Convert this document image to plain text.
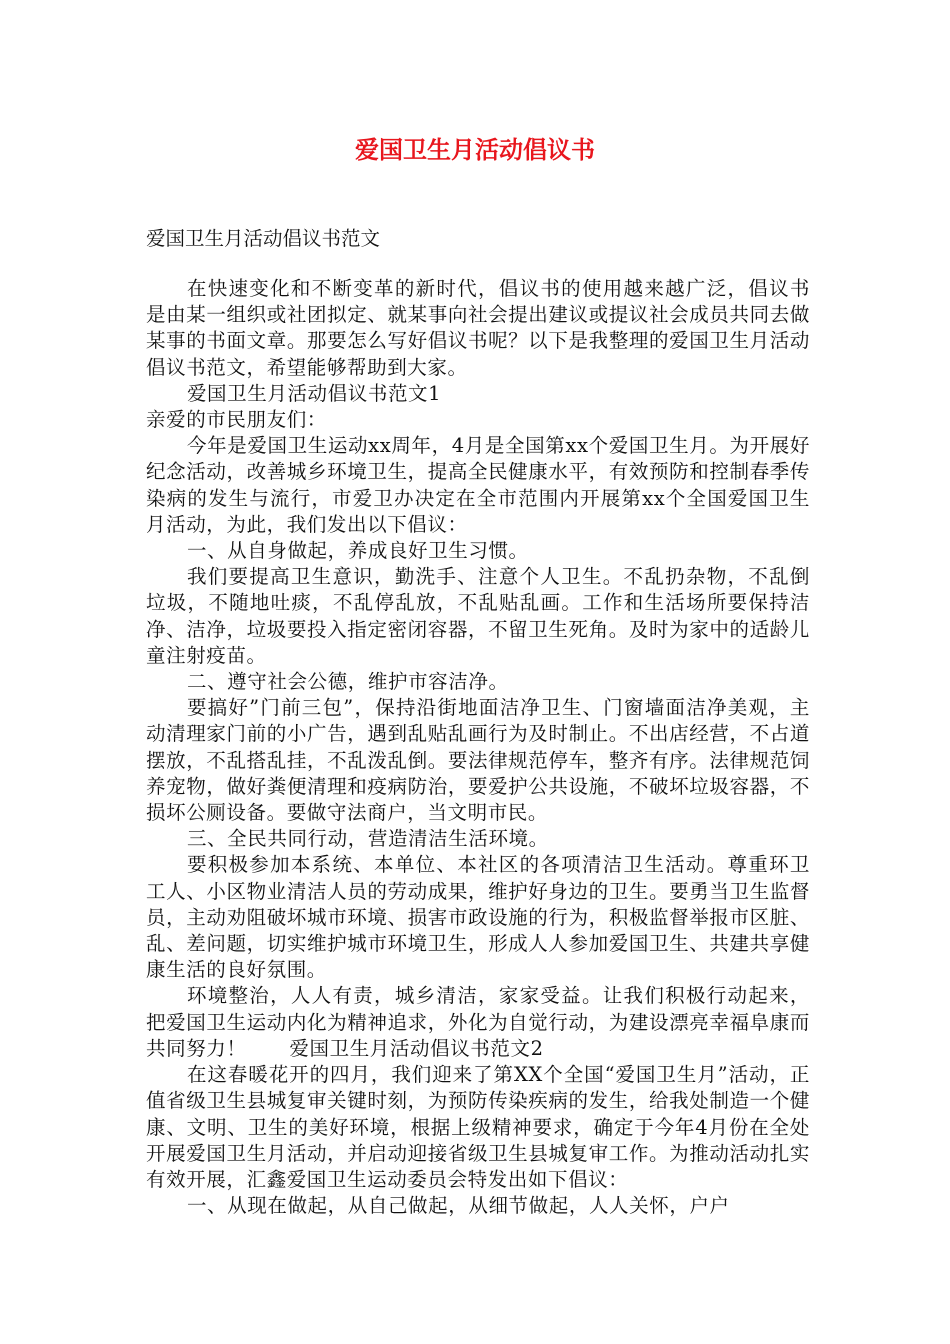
爱国卫生月活动倡议书
爱国卫生月活动倡议书范文

在快速变化和不断变革的新时代，倡议书的使用越来越广泛，倡议书是由某一组织或社团拟定、就某事向社会提出建议或提议社会成员共同去做某事的书面文章。那要怎么写好倡议书呢？以下是我整理的爱国卫生月活动倡议书范文，希望能够帮助到大家。

爱国卫生月活动倡议书范文1

亲爱的市民朋友们：

今年是爱国卫生运动xx周年，4月是全国第xx个爱国卫生月。为开展好纪念活动，改善城乡环境卫生，提高全民健康水平，有效预防和控制春季传染病的发生与流行，市爱卫办决定在全市范围内开展第xx个全国爱国卫生月活动，为此，我们发出以下倡议：

一、从自身做起，养成良好卫生习惯。

我们要提高卫生意识，勤洗手、注意个人卫生。不乱扔杂物，不乱倒垃圾，不随地吐痰，不乱停乱放，不乱贴乱画。工作和生活场所要保持洁净、洁净，垃圾要投入指定密闭容器，不留卫生死角。及时为家中的适龄儿童注射疫苗。

二、遵守社会公德，维护市容洁净。

要搞好”门前三包”，保持沿街地面洁净卫生、门窗墙面洁净美观，主动清理家门前的小广告，遇到乱贴乱画行为及时制止。不出店经营，不占道摆放，不乱搭乱挂，不乱泼乱倒。要法律规范停车，整齐有序。法律规范饲养宠物，做好粪便清理和疫病防治，要爱护公共设施，不破坏垃圾容器，不损坏公厕设备。要做守法商户，当文明市民。

三、全民共同行动，营造清洁生活环境。

要积极参加本系统、本单位、本社区的各项清洁卫生活动。尊重环卫工人、小区物业清洁人员的劳动成果，维护好身边的卫生。要勇当卫生监督员，主动劝阻破坏城市环境、损害市政设施的行为，积极监督举报市区脏、乱、差问题，切实维护城市环境卫生，形成人人参加爱国卫生、共建共享健康生活的良好氛围。

环境整治，人人有责，城乡清洁，家家受益。让我们积极行动起来，把爱国卫生运动内化为精神追求，外化为自觉行动，为建设漂亮幸福阜康而共同努力！ 爱国卫生月活动倡议书范文2

在这春暖花开的四月，我们迎来了第XX个全国“爱国卫生月”活动，正值省级卫生县城复审关键时刻，为预防传染疾病的发生，给我处制造一个健康、文明、卫生的美好环境，根据上级精神要求，确定于今年4月份在全处开展爱国卫生月活动，并启动迎接省级卫生县城复审工作。为推动活动扎实有效开展，汇鑫爱国卫生运动委员会特发出如下倡议：

一、从现在做起，从自己做起，从细节做起，人人关怀，户户
